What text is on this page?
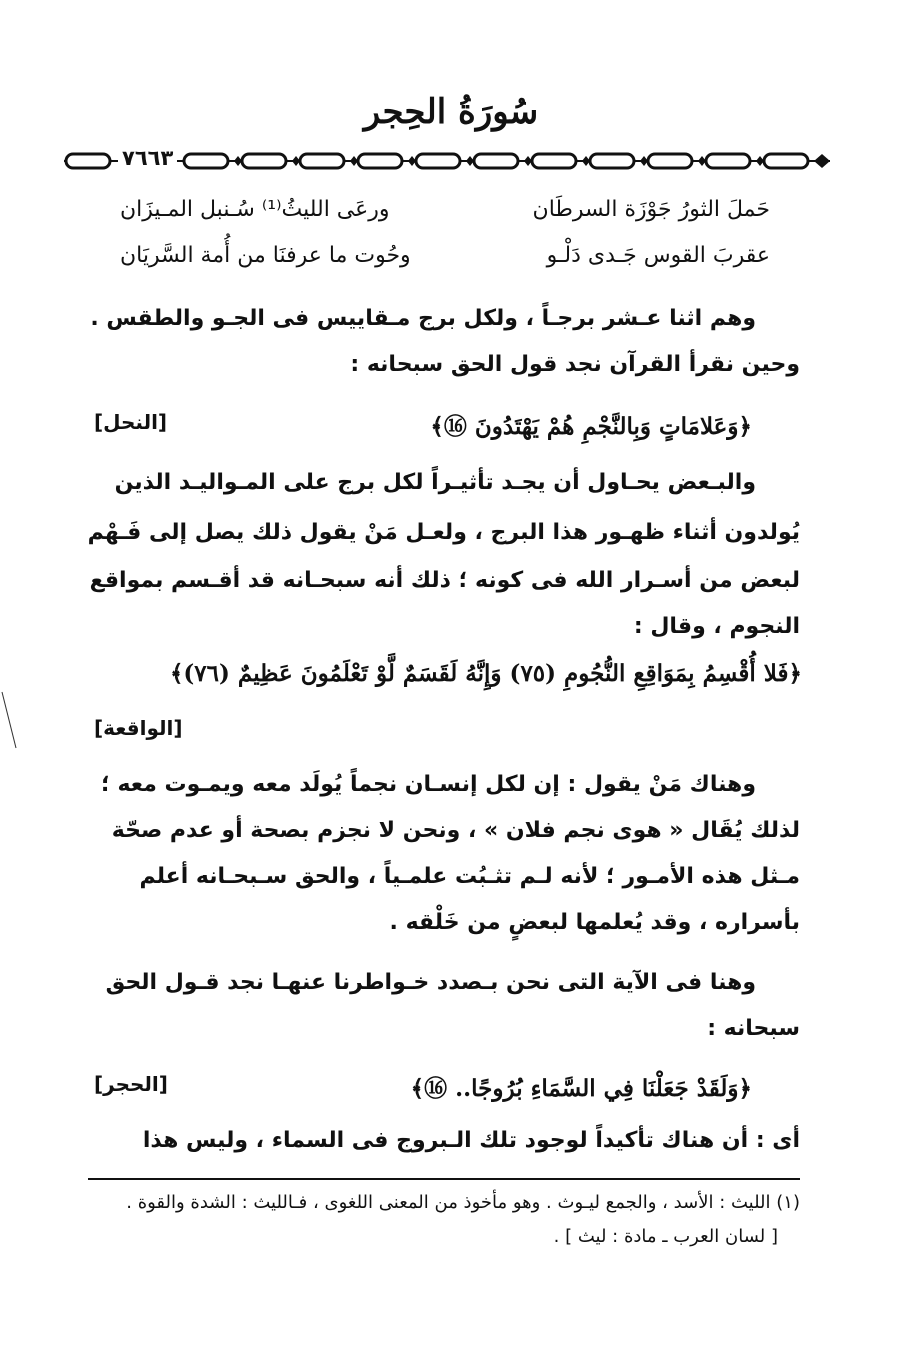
سُورَةُ الحِجر
٧٦٦٣
حَملَ الثورُ جَوْزَة السرطَان
ورعَى الليثُ⁽¹⁾ سُـنبل المـيزَان
عقربَ القوس جَـدى دَلْـو
وحُوت ما عرفنَا من أُمة السَّريَان
وهم اثنا عـشر برجـاً ، ولكل برج مـقاييس فى الجـو والطقس .
وحين نقرأ القرآن نجد قول الحق سبحانه :
﴿وَعَلامَاتٍ وَبِالنَّجْمِ هُمْ يَهْتَدُونَ ⑯﴾
[النحل]
والبـعض يحـاول أن يجـد تأثيـراً لكل برج على المـواليـد الذين
يُولدون أثناء ظهـور هذا البرج ، ولعـل مَنْ يقول ذلك يصل إلى فَـهْم
لبعض من أسـرار الله فى كونه ؛ ذلك أنه سبحـانه قد أقـسم بمواقع
النجوم ، وقال :
﴿فَلا أُقْسِمُ بِمَوَاقِعِ النُّجُومِ (٧٥) وَإِنَّهُ لَقَسَمٌ لَّوْ تَعْلَمُونَ عَظِيمٌ (٧٦)﴾
[الواقعة]
وهناك مَنْ يقول : إن لكل إنسـان نجماً يُولَد معه ويمـوت معه ؛
لذلك يُقَال « هوى نجم فلان » ، ونحن لا نجزم بصحة أو عدم صحّة
مـثل هذه الأمـور ؛ لأنه لـم تثـبُت علمـياً ، والحق سـبحـانه أعلم
بأسراره ، وقد يُعلمها لبعضٍ من خَلْقه .
وهنا فى الآية التى نحن بـصدد خـواطرنا عنهـا نجد قـول الحق
سبحانه :
﴿وَلَقَدْ جَعَلْنَا فِي السَّمَاءِ بُرُوجًا.. ⑯﴾
[الحجر]
أى : أن هناك تأكيداً لوجود تلك الـبروج فى السماء ، وليس هذا
(١) الليث : الأسد ، والجمع ليـوث . وهو مأخوذ من المعنى اللغوى ، فـالليث : الشدة والقوة .
[ لسان العرب ـ مادة : ليث ] .
